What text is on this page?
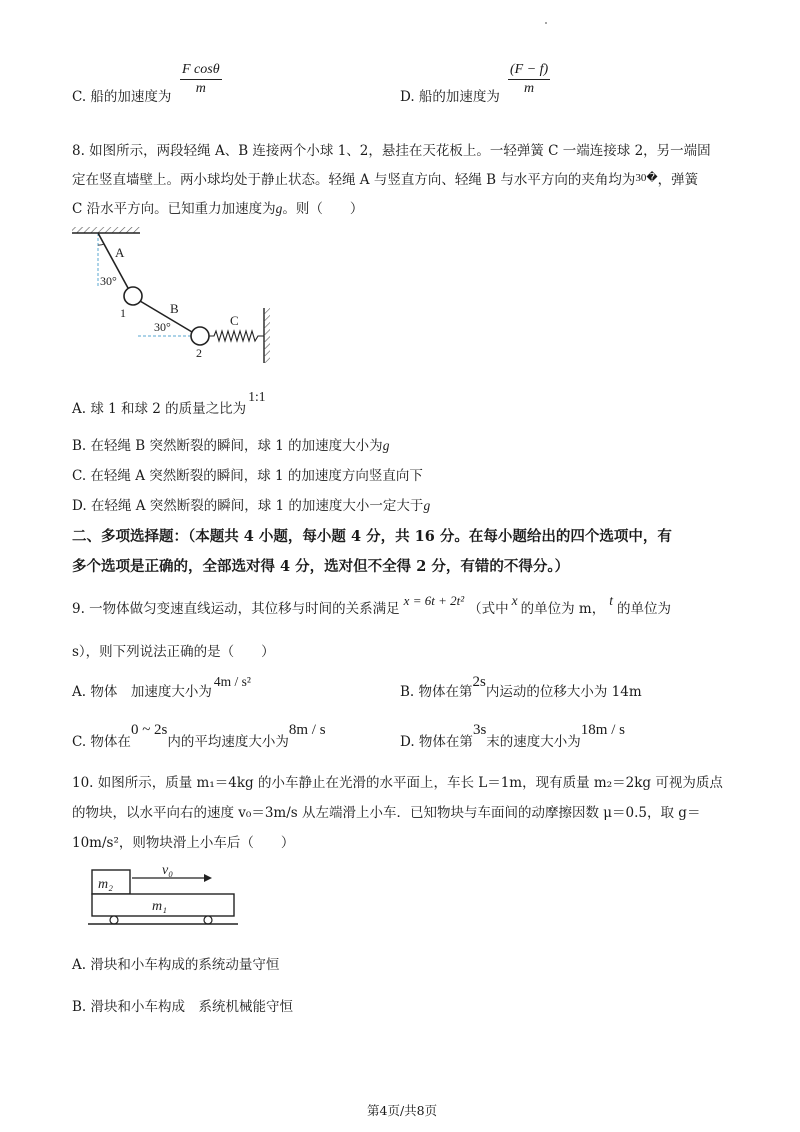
C. 船的加速度为 $\frac{\text{F cosθ}}{m}$	D. 船的加速度为 $\frac{(F - f)}{m}$
8. 如图所示，两段轻绳 A、B 连接两个小球 1、2，悬挂在天花板上。一轻弹簧 C 一端连接球 2，另一端固
定在竖直墙壁上。两小球均处于静止状态。轻绳 A 与竖直方向、轻绳 B 与水平方向的夹角均为$^{30�}$，弹簧
C 沿水平方向。已知重力加速度为g。则（　　）
A
30°
1	B
30°
2
C
A. 球 1 和球 2 的质量之比为1:1
B. 在轻绳 B 突然断裂的瞬间，球 1 的加速度大小为g
C. 在轻绳 A 突然断裂的瞬间，球 1 的加速度方向竖直向下
D. 在轻绳 A 突然断裂的瞬间，球 1 的加速度大小一定大于g
二、多项选择题：（本题共 4 小题，每小题 4 分，共 16 分。在每小题给出的四个选项中，有
多个选项是正确的，全部选对得 4 分，选对但不全得 2 分，有错的不得分。）
9. 一物体做匀变速直线运动，其位移与时间的关系满足x = 6t + 2t²（式中x的单位为 m，t的单位为
s），则下列说法正确的是（　　）
A. 物体　加速度大小为4m / s²
B. 物体在第2s内运动的位移大小为 14m
C. 物体在0 ~ 2s内的平均速度大小为8m / s
D. 物体在第3s末的速度大小为18m / s
10. 如图所示，质量 m₁＝4kg 的小车静止在光滑的水平面上，车长 L＝1m，现有质量 m₂＝2kg 可视为质点
的物块，以水平向右的速度 v₀＝3m/s 从左端滑上小车．已知物块与车面间的动摩擦因数 μ＝0.5，取 g＝
10m/s²，则物块滑上小车后（　　）
m₂
v₀
m₁
A. 滑块和小车构成的系统动量守恒
B. 滑块和小车构成　系统机械能守恒
第4页/共8页
